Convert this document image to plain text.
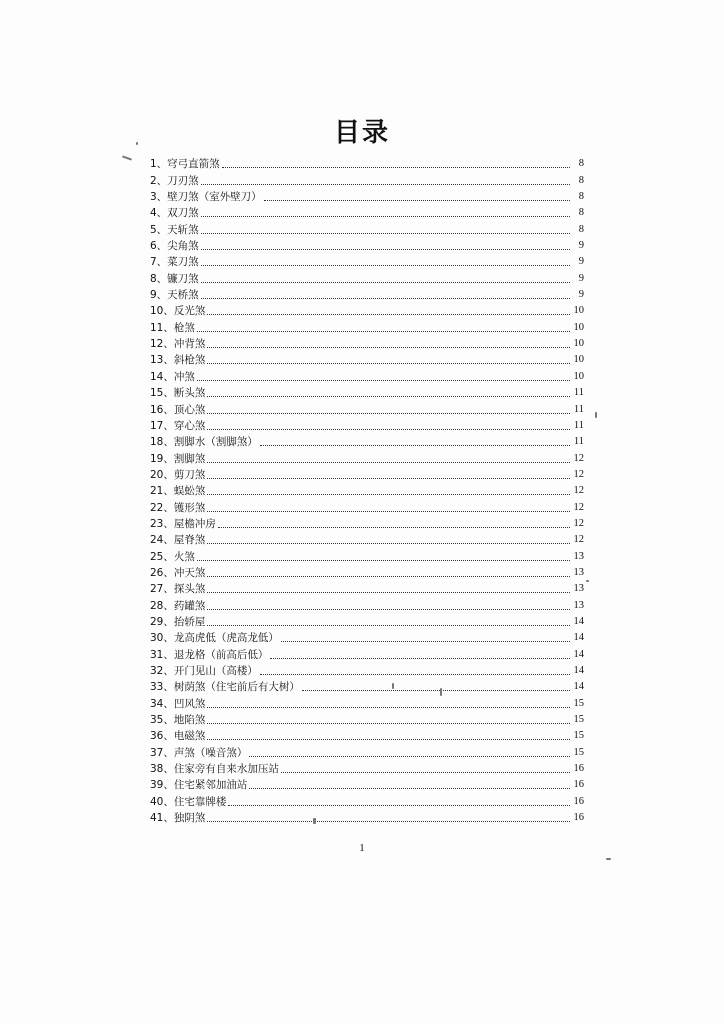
目录
1、穹弓直箭煞	8
2、刀刃煞	8
3、壁刀煞（室外壁刀）	8
4、双刀煞	8
5、天斩煞	8
6、尖角煞	9
7、菜刀煞	9
8、镰刀煞	9
9、天桥煞	9
10、反光煞	10
11、枪煞	10
12、冲背煞	10
13、斜枪煞	10
14、冲煞	10
15、断头煞	11
16、顶心煞	11
17、穿心煞	11
18、割脚水（割脚煞）	11
19、割脚煞	12
20、剪刀煞	12
21、蜈蚣煞	12
22、镬形煞	12
23、屋檐冲房	12
24、屋脊煞	12
25、火煞	13
26、冲天煞	13
27、探头煞	13
28、药罐煞	13
29、抬轿屋	14
30、龙高虎低（虎高龙低）	14
31、退龙格（前高后低）	14
32、开门见山（高楼）	14
33、树荫煞（住宅前后有大树）	14
34、凹风煞	15
35、地陷煞	15
36、电磁煞	15
37、声煞（噪音煞）	15
38、住家旁有自来水加压站	16
39、住宅紧邻加油站	16
40、住宅靠牌楼	16
41、独阴煞	16
1
